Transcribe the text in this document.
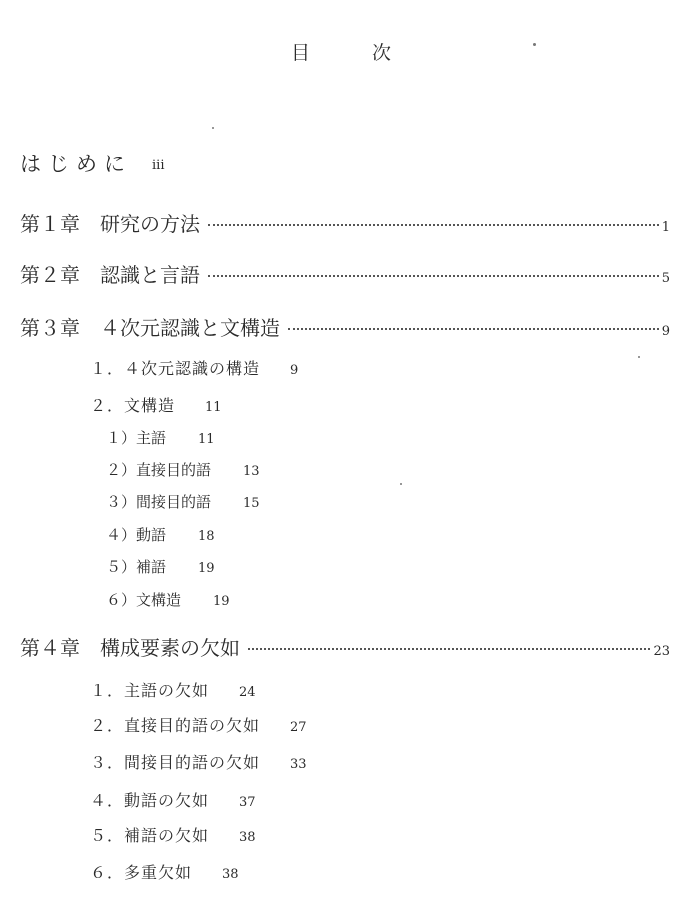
目	次
はじめに iii
第１章 研究の方法	1
第２章 認識と言語	5
第３章 ４次元認識と文構造	9
１．４次元認識の構造 9
２．文構造 11
１）主語 11
２）直接目的語 13
３）間接目的語 15
４）動語 18
５）補語 19
６）文構造 19
第４章 構成要素の欠如	23
１．主語の欠如 24
２．直接目的語の欠如 27
３．間接目的語の欠如 33
４．動語の欠如 37
５．補語の欠如 38
６．多重欠如 38
